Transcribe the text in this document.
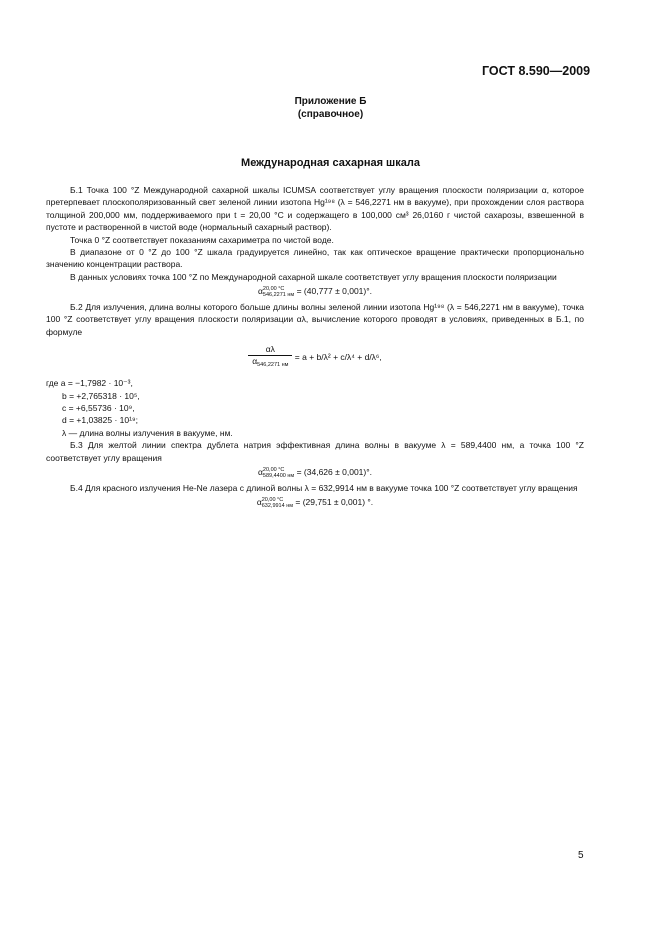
ГОСТ 8.590—2009
Приложение Б
(справочное)
Международная сахарная шкала

Б.1 Точка 100 °Z Международной сахарной шкалы ICUMSA соответствует углу вращения плоскости поляризации α, которое претерпевает плоскополяризованный свет зеленой линии изотопа Hg¹⁹⁸ (λ = 546,2271 нм в вакууме), при прохождении слоя раствора толщиной 200,000 мм, поддерживаемого при t = 20,00 °С и содержащего в 100,000 см³ 26,0160 г чистой сахарозы, взвешенной в пустоте и растворенной в чистой воде (нормальный сахарный раствор).

Точка 0 °Z соответствует показаниям сахариметра по чистой воде.

В диапазоне от 0 °Z до 100 °Z шкала градуируется линейно, так как оптическое вращение практически пропорционально значению концентрации раствора.

В данных условиях точка 100 °Z по Международной сахарной шкале соответствует углу вращения плоскости поляризации

α20,00 °C
546,2271 нм = (40,777 ± 0,001)°.

Б.2 Для излучения, длина волны которого больше длины волны зеленой линии изотопа Hg¹⁹⁸ (λ = 546,2271 нм в вакууме), точка 100 °Z соответствует углу вращения плоскости поляризации αλ, вычисление которого проводят в условиях, приведенных в Б.1, по формуле

$\frac{\alpha\lambda}{\alpha_{546,2271 нм}} = a + b/\lambda^2 + c/\lambda^4 + d/\lambda^6$,

где a = −1,7982 · 10⁻³,

b = +2,765318 · 10⁵,

c = +6,55736 · 10⁹,

d = +1,03825 · 10¹⁹;

λ — длина волны излучения в вакууме, нм.

Б.3 Для желтой линии спектра дублета натрия эффективная длина волны в вакууме λ = 589,4400 нм, а точка 100 °Z соответствует углу вращения

α20,00 °C
589,4400 нм = (34,626 ± 0,001)°.

Б.4 Для красного излучения He-Ne лазера с длиной волны λ = 632,9914 нм в вакууме точка 100 °Z соответствует углу вращения

α20,00 °C
632,9914 нм = (29,751 ± 0,001) °.
5
